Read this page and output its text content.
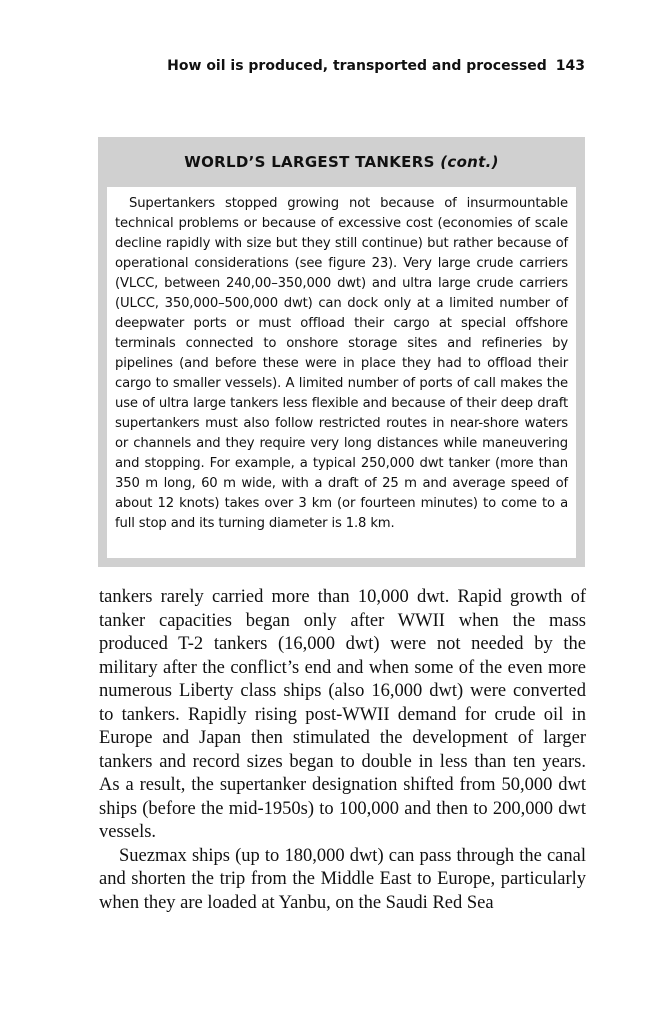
How oil is produced, transported and processed 143
WORLD’S LARGEST TANKERS (cont.)

Supertankers stopped growing not because of insurmountable technical problems or because of excessive cost (economies of scale decline rapidly with size but they still continue) but rather because of operational considerations (see figure 23). Very large crude carriers (VLCC, between 240,00–350,000 dwt) and ultra large crude carriers (ULCC, 350,000–500,000 dwt) can dock only at a limited number of deepwater ports or must offload their cargo at special offshore terminals connected to onshore storage sites and refineries by pipelines (and before these were in place they had to offload their cargo to smaller vessels). A limited number of ports of call makes the use of ultra large tankers less flexible and because of their deep draft supertankers must also follow restricted routes in near-shore waters or channels and they require very long distances while maneuvering and stopping. For example, a typical 250,000 dwt tanker (more than 350 m long, 60 m wide, with a draft of 25 m and average speed of about 12 knots) takes over 3 km (or fourteen minutes) to come to a full stop and its turning diameter is 1.8 km.

tankers rarely carried more than 10,000 dwt. Rapid growth of tanker capacities began only after WWII when the mass produced T-2 tankers (16,000 dwt) were not needed by the military after the conflict’s end and when some of the even more numerous Liberty class ships (also 16,000 dwt) were converted to tankers. Rapidly rising post-WWII demand for crude oil in Europe and Japan then stimulated the development of larger tankers and record sizes began to double in less than ten years. As a result, the supertanker designation shifted from 50,000 dwt ships (before the mid-1950s) to 100,000 and then to 200,000 dwt vessels.

Suezmax ships (up to 180,000 dwt) can pass through the canal and shorten the trip from the Middle East to Europe, particularly when they are loaded at Yanbu, on the Saudi Red Sea
